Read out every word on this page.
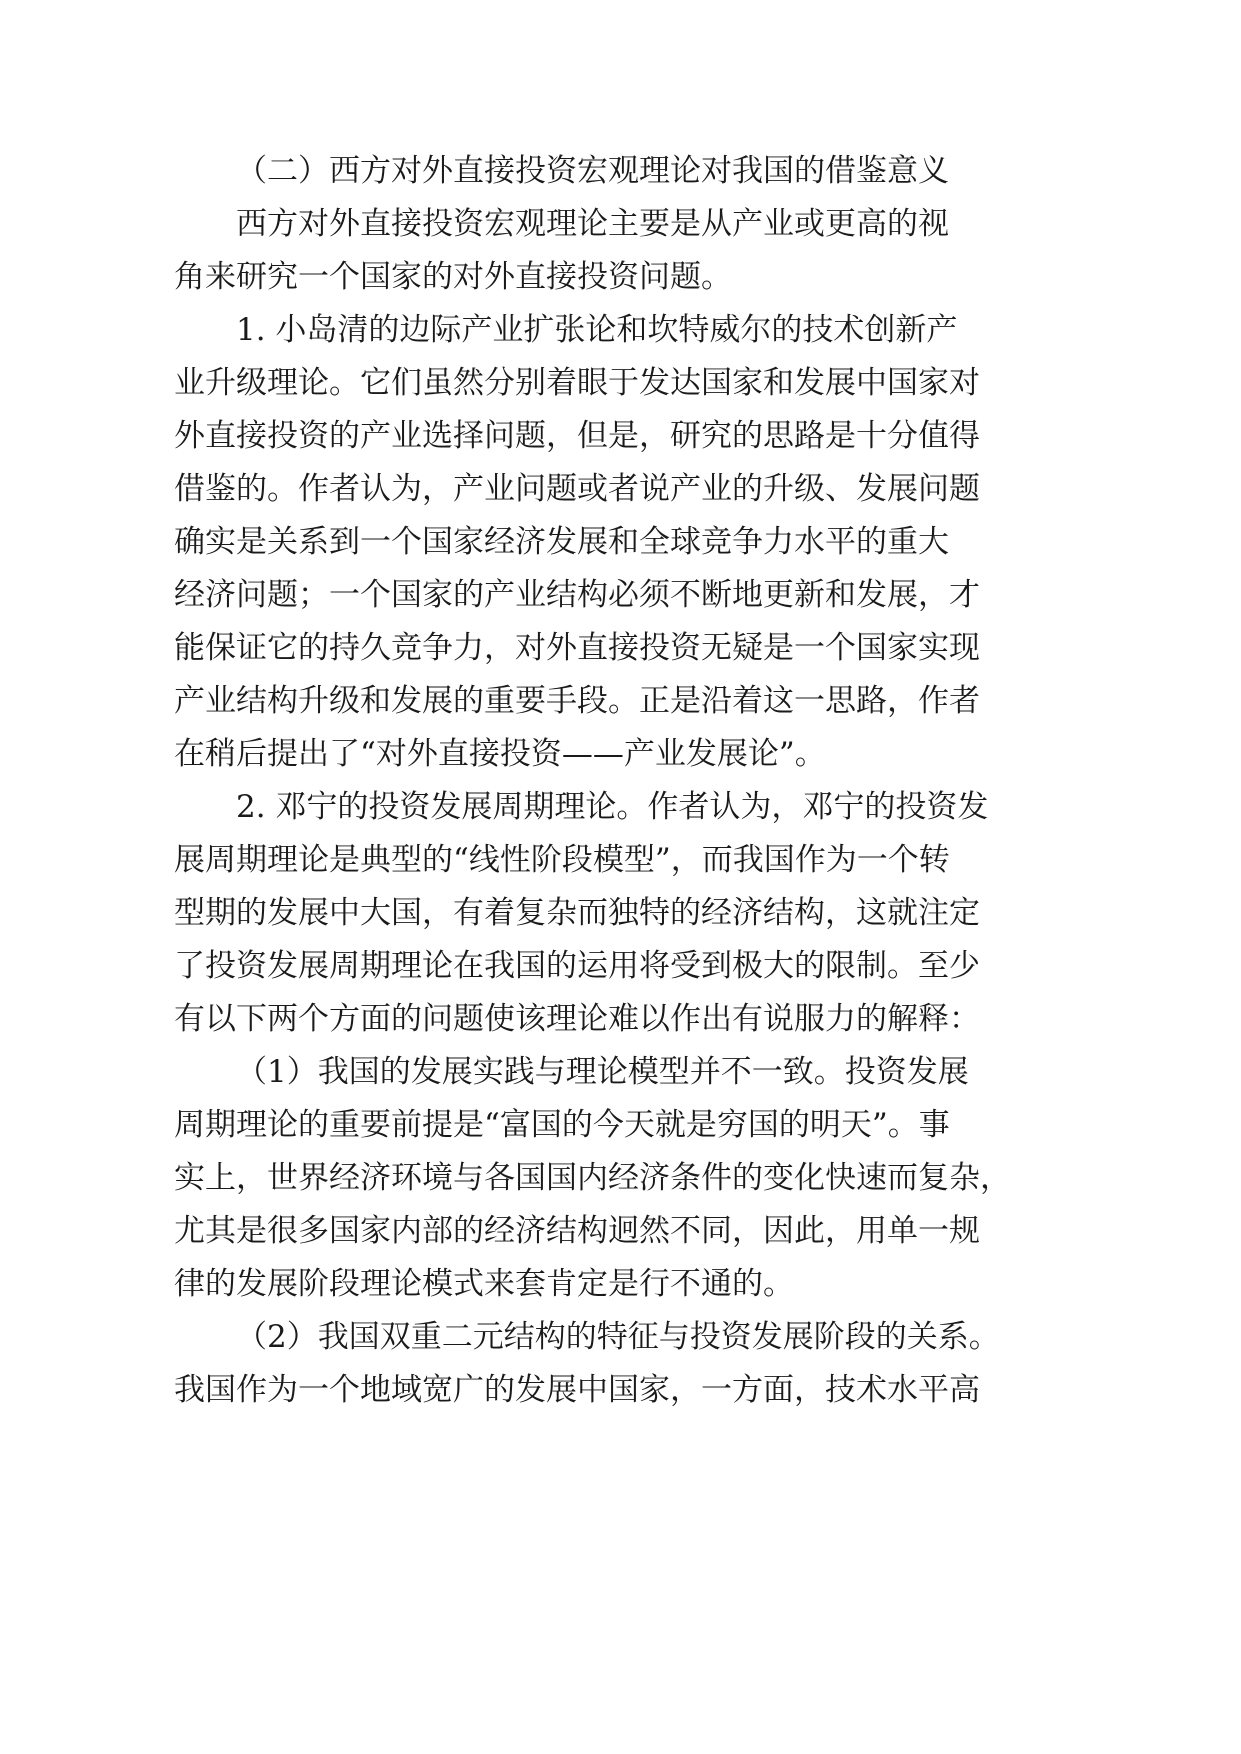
（二）西方对外直接投资宏观理论对我国的借鉴意义
西方对外直接投资宏观理论主要是从产业或更高的视
角来研究一个国家的对外直接投资问题。
1. 小岛清的边际产业扩张论和坎特威尔的技术创新产
业升级理论。它们虽然分别着眼于发达国家和发展中国家对
外直接投资的产业选择问题，但是，研究的思路是十分值得
借鉴的。作者认为，产业问题或者说产业的升级、发展问题
确实是关系到一个国家经济发展和全球竞争力水平的重大
经济问题；一个国家的产业结构必须不断地更新和发展，才
能保证它的持久竞争力，对外直接投资无疑是一个国家实现
产业结构升级和发展的重要手段。正是沿着这一思路，作者
在稍后提出了“对外直接投资——产业发展论”。
2. 邓宁的投资发展周期理论。作者认为，邓宁的投资发
展周期理论是典型的“线性阶段模型”，而我国作为一个转
型期的发展中大国，有着复杂而独特的经济结构，这就注定
了投资发展周期理论在我国的运用将受到极大的限制。至少
有以下两个方面的问题使该理论难以作出有说服力的解释：
（1）我国的发展实践与理论模型并不一致。投资发展
周期理论的重要前提是“富国的今天就是穷国的明天”。事
实上，世界经济环境与各国国内经济条件的变化快速而复杂，
尤其是很多国家内部的经济结构迥然不同，因此，用单一规
律的发展阶段理论模式来套肯定是行不通的。
（2）我国双重二元结构的特征与投资发展阶段的关系。
我国作为一个地域宽广的发展中国家，一方面，技术水平高
